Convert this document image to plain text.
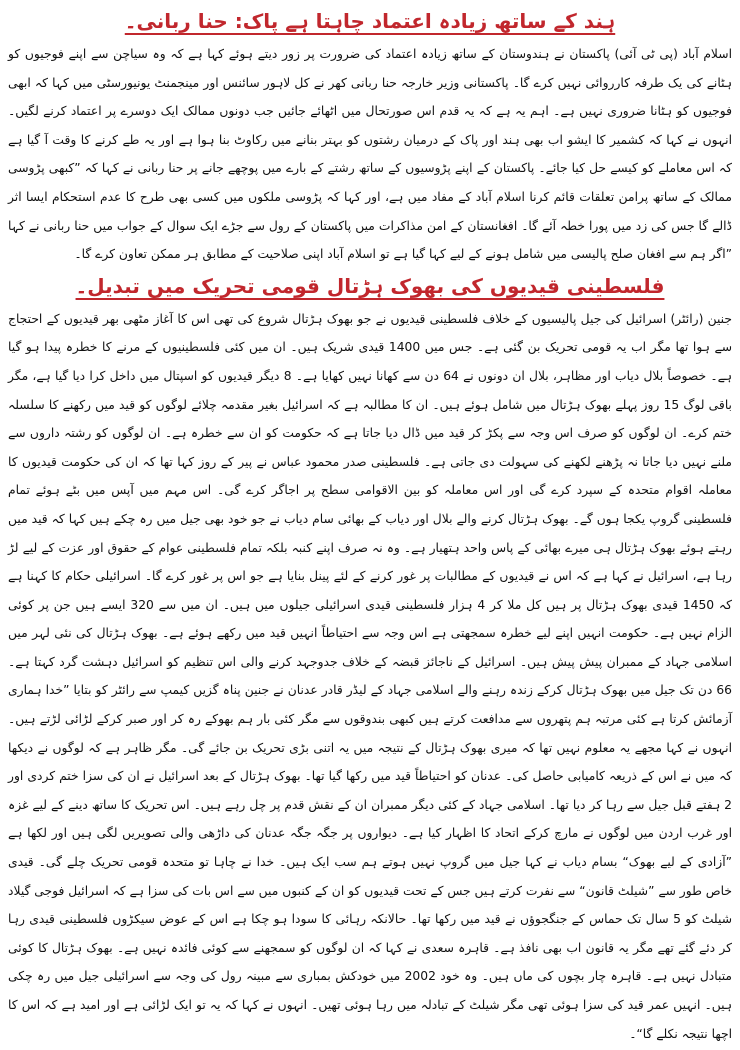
ہند کے ساتھ زیادہ اعتماد چاہتا ہے پاک: حنا ربانی۔

اسلام آباد (پی ٹی آئی) پاکستان نے ہندوستان کے ساتھ زیادہ اعتماد کی ضرورت پر زور دیتے ہوئے کہا ہے کہ وہ سیاچن سے اپنے فوجیوں کو ہٹانے کی یک طرفہ کارروائی نہیں کرے گا۔ پاکستانی وزیر خارجہ حنا ربانی کھر نے کل لاہور سائنس اور مینجمنٹ یونیورسٹی میں کہا کہ ابھی فوجیوں کو ہٹانا ضروری نہیں ہے۔ اہم یہ ہے کہ یہ قدم اس صورتحال میں اٹھائے جائیں جب دونوں ممالک ایک دوسرے پر اعتماد کرنے لگیں۔ انہوں نے کہا کہ کشمیر کا ایشو اب بھی ہند اور پاک کے درمیان رشتوں کو بہتر بنانے میں رکاوٹ بنا ہوا ہے اور یہ طے کرنے کا وقت آ گیا ہے کہ اس معاملے کو کیسے حل کیا جائے۔ پاکستان کے اپنے پڑوسیوں کے ساتھ رشتے کے بارے میں پوچھے جانے پر حنا ربانی نے کہا کہ ”کبھی پڑوسی ممالک کے ساتھ پرامن تعلقات قائم کرنا اسلام آباد کے مفاد میں ہے، اور کہا کہ پڑوسی ملکوں میں کسی بھی طرح کا عدم استحکام ایسا اثر ڈالے گا جس کی زد میں پورا خطہ آئے گا۔ افغانستان کے امن مذاکرات میں پاکستان کے رول سے جڑے ایک سوال کے جواب میں حنا ربانی نے کہا ”اگر ہم سے افغان صلح پالیسی میں شامل ہونے کے لیے کہا گیا ہے تو اسلام آباد اپنی صلاحیت کے مطابق ہر ممکن تعاون کرے گا۔

فلسطینی قیدیوں کی بھوک ہڑتال قومی تحریک میں تبدیل۔

جنین (رائٹر) اسرائیل کی جیل پالیسیوں کے خلاف فلسطینی قیدیوں نے جو بھوک ہڑتال شروع کی تھی اس کا آغاز مٹھی بھر قیدیوں کے احتجاج سے ہوا تھا مگر اب یہ قومی تحریک بن گئی ہے۔ جس میں 1400 قیدی شریک ہیں۔ ان میں کئی فلسطینیوں کے مرنے کا خطرہ پیدا ہو گیا ہے۔ خصوصاً بلال دیاب اور مظاہر، بلال ان دونوں نے 64 دن سے کھانا نہیں کھایا ہے۔ 8 دیگر قیدیوں کو اسپتال میں داخل کرا دیا گیا ہے، مگر باقی لوگ 15 روز پہلے بھوک ہڑتال میں شامل ہوئے ہیں۔ ان کا مطالبہ ہے کہ اسرائیل بغیر مقدمہ چلائے لوگوں کو قید میں رکھنے کا سلسلہ ختم کرے۔ ان لوگوں کو صرف اس وجہ سے پکڑ کر قید میں ڈال دیا جاتا ہے کہ حکومت کو ان سے خطرہ ہے۔ ان لوگوں کو رشتہ داروں سے ملنے نہیں دیا جاتا نہ پڑھنے لکھنے کی سہولت دی جاتی ہے۔ فلسطینی صدر محمود عباس نے پیر کے روز کہا تھا کہ ان کی حکومت قیدیوں کا معاملہ اقوام متحدہ کے سپرد کرے گی اور اس معاملہ کو بین الاقوامی سطح پر اجاگر کرے گی۔ اس مہم میں آپس میں بٹے ہوئے تمام فلسطینی گروپ یکجا ہوں گے۔ بھوک ہڑتال کرنے والے بلال اور دیاب کے بھائی سام دیاب نے جو خود بھی جیل میں رہ چکے ہیں کہا کہ قید میں رہتے ہوئے بھوک ہڑتال ہی میرے بھائی کے پاس واحد ہتھیار ہے۔ وہ نہ صرف اپنے کنبہ بلکہ تمام فلسطینی عوام کے حقوق اور عزت کے لیے لڑ رہا ہے، اسرائیل نے کہا ہے کہ اس نے قیدیوں کے مطالبات پر غور کرنے کے لئے پینل بنایا ہے جو اس پر غور کرے گا۔ اسرائیلی حکام کا کہنا ہے کہ 1450 قیدی بھوک ہڑتال پر ہیں کل ملا کر 4 ہزار فلسطینی قیدی اسرائیلی جیلوں میں ہیں۔ ان میں سے 320 ایسے ہیں جن پر کوئی الزام نہیں ہے۔ حکومت انہیں اپنے لیے خطرہ سمجھتی ہے اس وجہ سے احتیاطاً انہیں قید میں رکھے ہوئے ہے۔ بھوک ہڑتال کی نئی لہر میں اسلامی جہاد کے ممبران پیش پیش ہیں۔ اسرائیل کے ناجائز قبضہ کے خلاف جدوجہد کرنے والی اس تنظیم کو اسرائیل دہشت گرد کہتا ہے۔ 66 دن تک جیل میں بھوک ہڑتال کرکے زندہ رہنے والے اسلامی جہاد کے لیڈر قادر عدنان نے جنین پناہ گزیں کیمپ سے رائٹر کو بتایا ”خدا ہماری آزمائش کرتا ہے کئی مرتبہ ہم پتھروں سے مدافعت کرتے ہیں کبھی بندوقوں سے مگر کئی بار ہم بھوکے رہ کر اور صبر کرکے لڑائی لڑتے ہیں۔ انہوں نے کہا مجھے یہ معلوم نہیں تھا کہ میری بھوک ہڑتال کے نتیجہ میں یہ اتنی بڑی تحریک بن جائے گی۔ مگر ظاہر ہے کہ لوگوں نے دیکھا کہ میں نے اس کے ذریعہ کامیابی حاصل کی۔ عدنان کو احتیاطاً قید میں رکھا گیا تھا۔ بھوک ہڑتال کے بعد اسرائیل نے ان کی سزا ختم کردی اور 2 ہفتے قبل جیل سے رہا کر دیا تھا۔ اسلامی جہاد کے کئی دیگر ممبران ان کے نقش قدم پر چل رہے ہیں۔ اس تحریک کا ساتھ دینے کے لیے غزہ اور غرب اردن میں لوگوں نے مارچ کرکے اتحاد کا اظہار کیا ہے۔ دیواروں پر جگہ جگہ عدنان کی داڑھی والی تصویریں لگی ہیں اور لکھا ہے ”آزادی کے لیے بھوک“ بسام دیاب نے کہا جیل میں گروپ نہیں ہوتے ہم سب ایک ہیں۔ خدا نے چاہا تو متحدہ قومی تحریک چلے گی۔ قیدی خاص طور سے ”شیلٹ قانون“ سے نفرت کرتے ہیں جس کے تحت قیدیوں کو ان کے کنبوں میں سے اس بات کی سزا ہے کہ اسرائیل فوجی گیلاد شیلٹ کو 5 سال تک حماس کے جنگجوؤں نے قید میں رکھا تھا۔ حالانکہ رہائی کا سودا ہو چکا ہے اس کے عوض سیکڑوں فلسطینی قیدی رہا کر دئے گئے تھے مگر یہ قانون اب بھی نافذ ہے۔ قاہرہ سعدی نے کہا کہ ان لوگوں کو سمجھنے سے کوئی فائدہ نہیں ہے۔ بھوک ہڑتال کا کوئی متبادل نہیں ہے۔ قاہرہ چار بچوں کی ماں ہیں۔ وہ خود 2002 میں خودکش بمباری سے مبینہ رول کی وجہ سے اسرائیلی جیل میں رہ چکی ہیں۔ انہیں عمر قید کی سزا ہوئی تھی مگر شیلٹ کے تبادلہ میں رہا ہوئی تھیں۔ انہوں نے کہا کہ یہ تو ایک لڑائی ہے اور امید ہے کہ اس کا اچھا نتیجہ نکلے گا“۔
